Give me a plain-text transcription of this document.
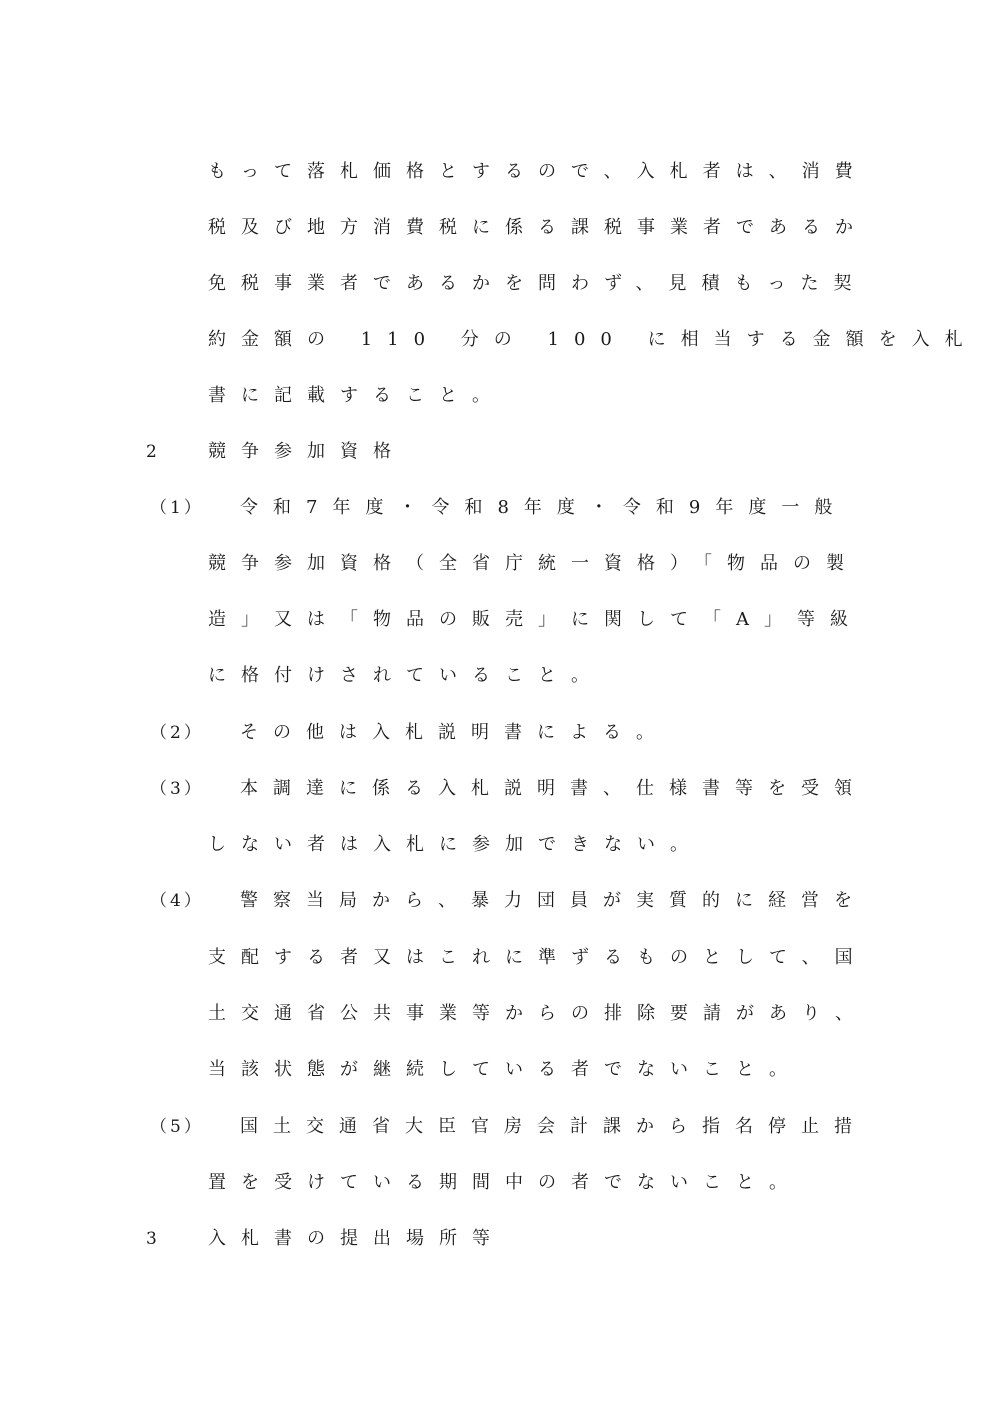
もって落札価格とするので、入札者は、消費
税及び地方消費税に係る課税事業者であるか
免税事業者であるかを問わず、見積もった契
約金額の 110 分の 100 に相当する金額を入札
書に記載すること。
2	競争参加資格
（1） 令和7年度・令和8年度・令和9年度一般
競争参加資格（全省庁統一資格）「物品の製
造」又は「物品の販売」に関して「A」等級
に格付けされていること。
（2） その他は入札説明書による。
（3） 本調達に係る入札説明書、仕様書等を受領
しない者は入札に参加できない。
（4） 警察当局から、暴力団員が実質的に経営を
支配する者又はこれに準ずるものとして、国
土交通省公共事業等からの排除要請があり、
当該状態が継続している者でないこと。
（5） 国土交通省大臣官房会計課から指名停止措
置を受けている期間中の者でないこと。
3	入札書の提出場所等
